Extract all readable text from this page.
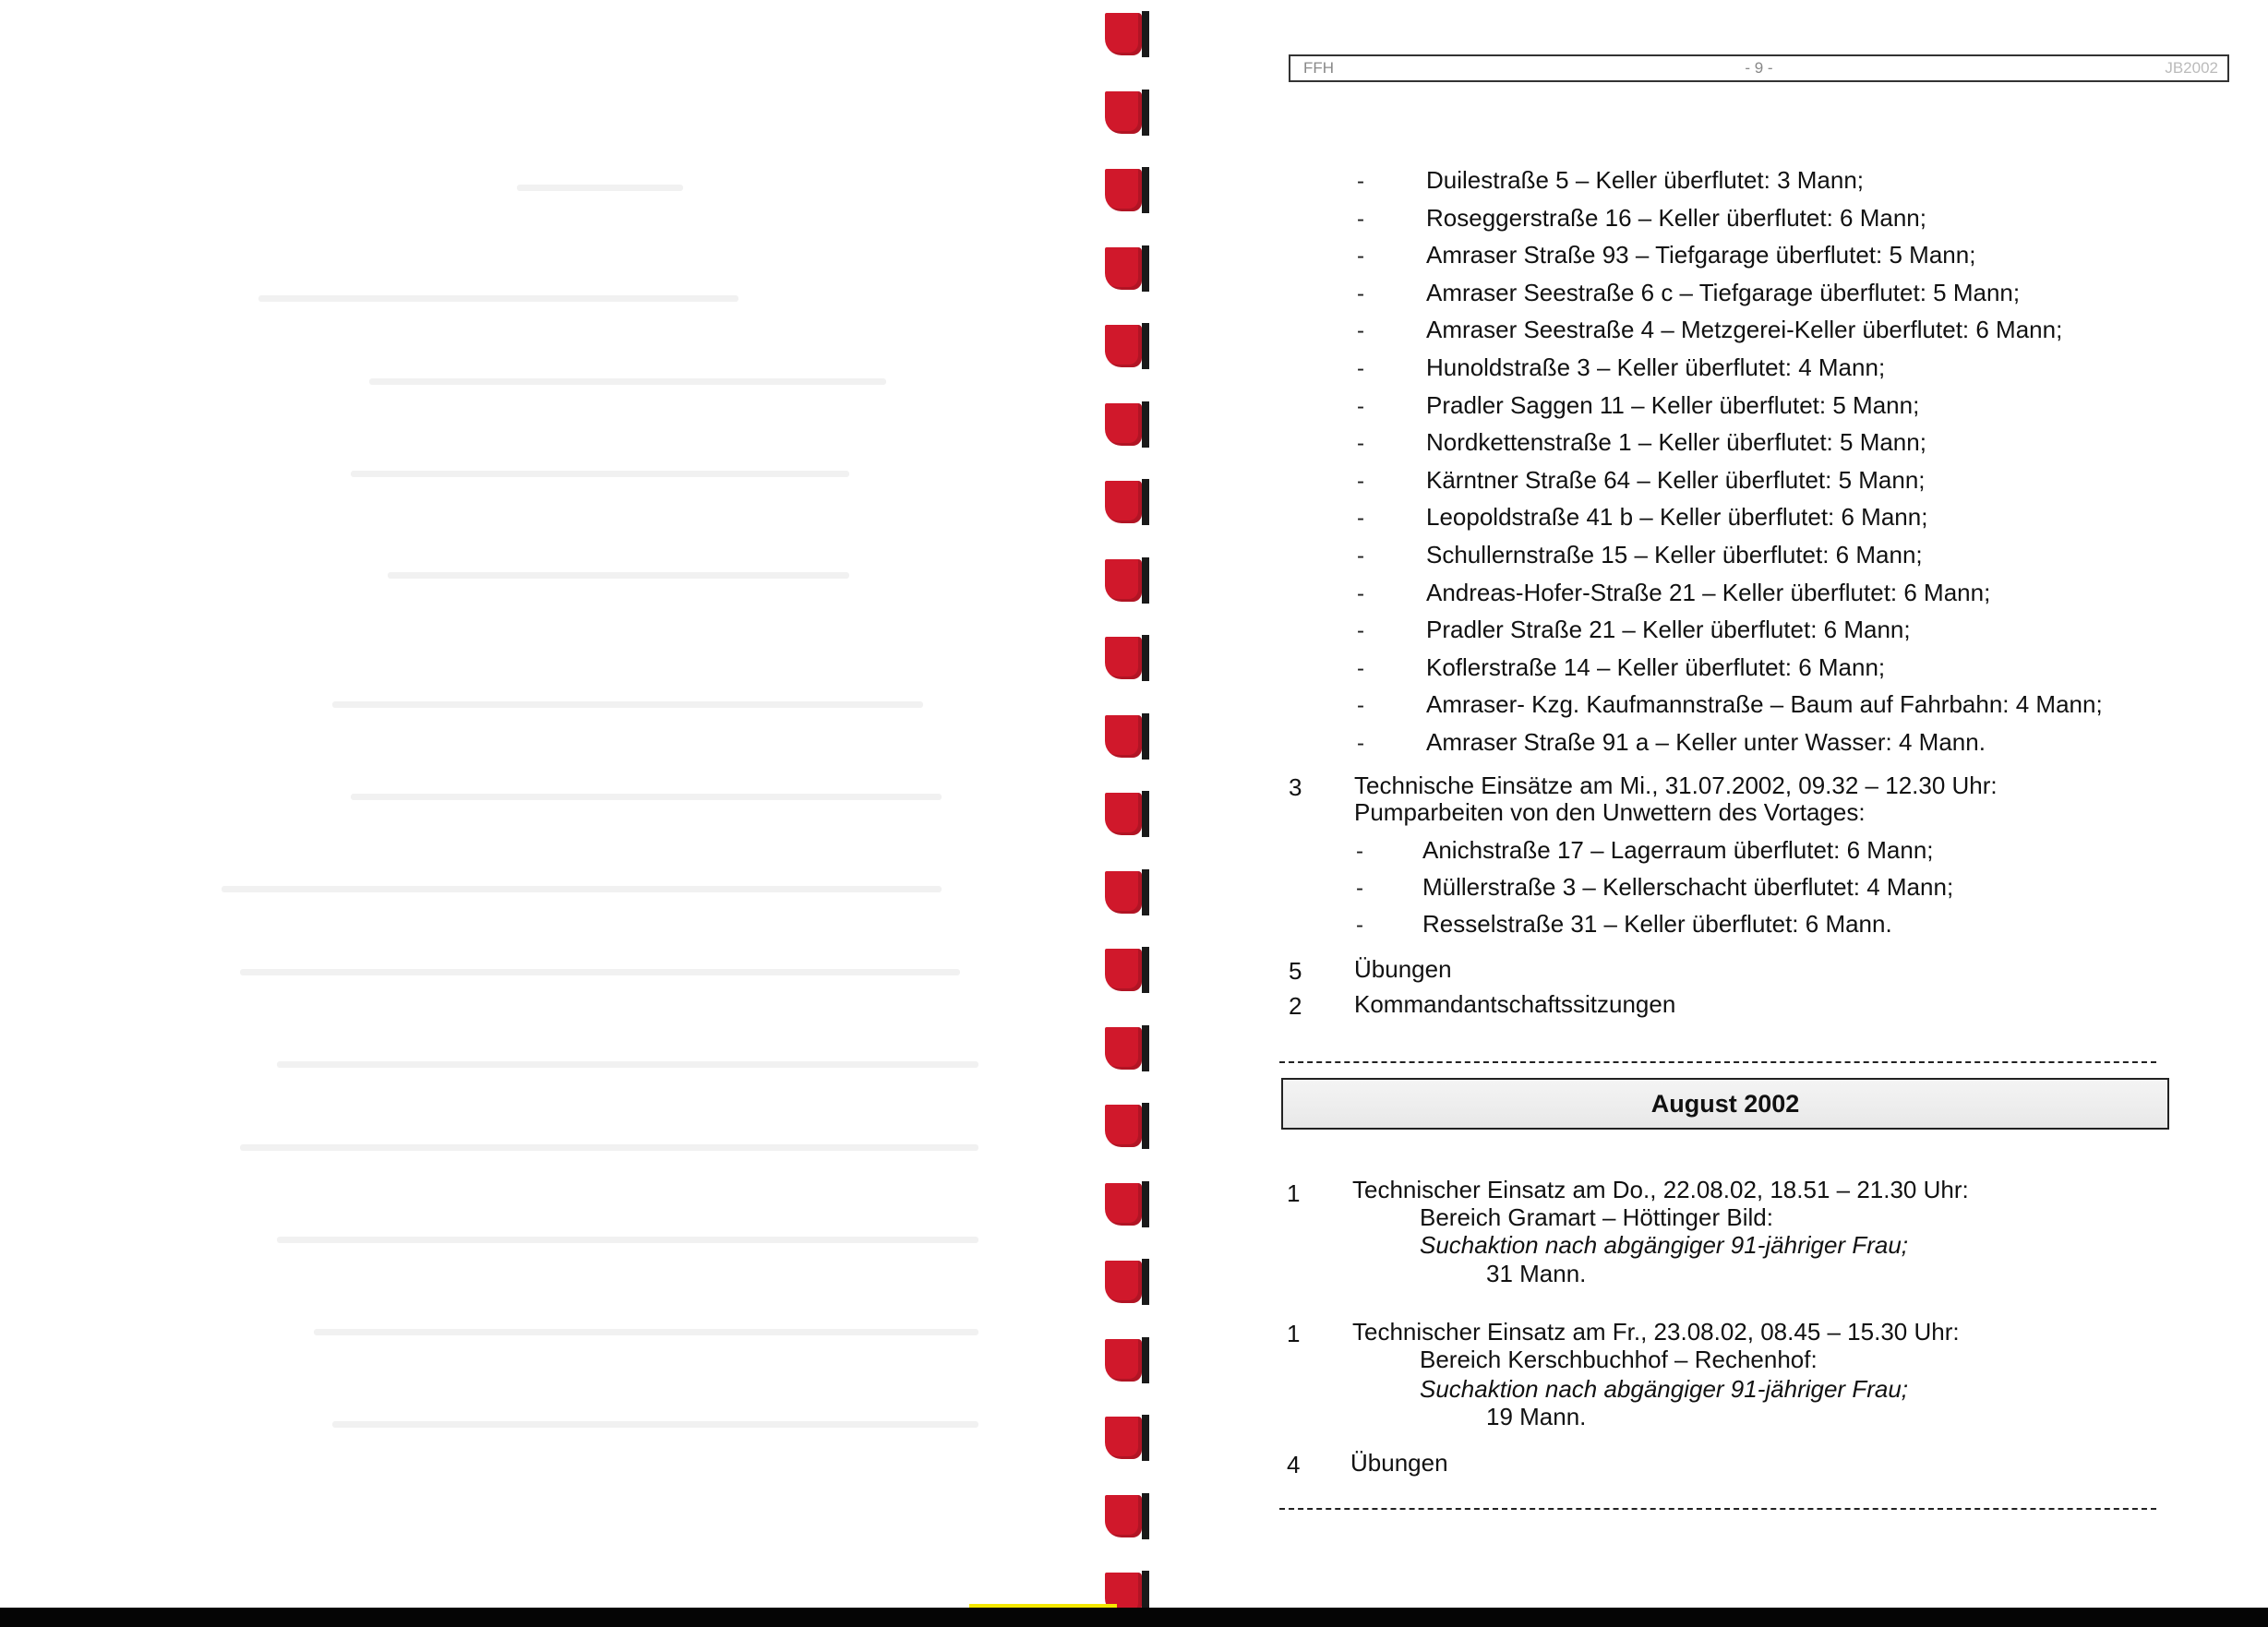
FFH	- 9 -	JB2002
-	Duilestraße 5 – Keller überflutet: 3 Mann;
-	Roseggerstraße 16 – Keller überflutet: 6 Mann;
-	Amraser Straße 93 – Tiefgarage überflutet: 5 Mann;
-	Amraser Seestraße 6 c – Tiefgarage überflutet: 5 Mann;
-	Amraser Seestraße 4 – Metzgerei-Keller überflutet: 6 Mann;
-	Hunoldstraße 3 – Keller überflutet: 4 Mann;
-	Pradler Saggen 11 – Keller überflutet: 5 Mann;
-	Nordkettenstraße 1 – Keller überflutet: 5 Mann;
-	Kärntner Straße 64 – Keller überflutet: 5 Mann;
-	Leopoldstraße 41 b – Keller überflutet: 6 Mann;
-	Schullernstraße 15 – Keller überflutet: 6 Mann;
-	Andreas-Hofer-Straße 21 – Keller überflutet: 6 Mann;
-	Pradler Straße 21 – Keller überflutet: 6 Mann;
-	Koflerstraße 14 – Keller überflutet: 6 Mann;
-	Amraser- Kzg. Kaufmannstraße – Baum auf Fahrbahn: 4 Mann;
-	Amraser Straße 91 a – Keller unter Wasser: 4 Mann.
3 Technische Einsätze am Mi., 31.07.2002, 09.32 – 12.30 Uhr:
Pumparbeiten von den Unwettern des Vortages:
- Anichstraße 17 – Lagerraum überflutet: 6 Mann;
- Müllerstraße 3 – Kellerschacht überflutet: 4 Mann;
- Resselstraße 31 – Keller überflutet: 6 Mann.
5 Übungen
2 Kommandantschaftssitzungen
August 2002
1 Technischer Einsatz am Do., 22.08.02, 18.51 – 21.30 Uhr:
Bereich Gramart – Höttinger Bild:
Suchaktion nach abgängiger 91-jähriger Frau;
31 Mann.
1 Technischer Einsatz am Fr., 23.08.02, 08.45 – 15.30 Uhr:
Bereich Kerschbuchhof – Rechenhof:
Suchaktion nach abgängiger 91-jähriger Frau;
19 Mann.
4 Übungen
